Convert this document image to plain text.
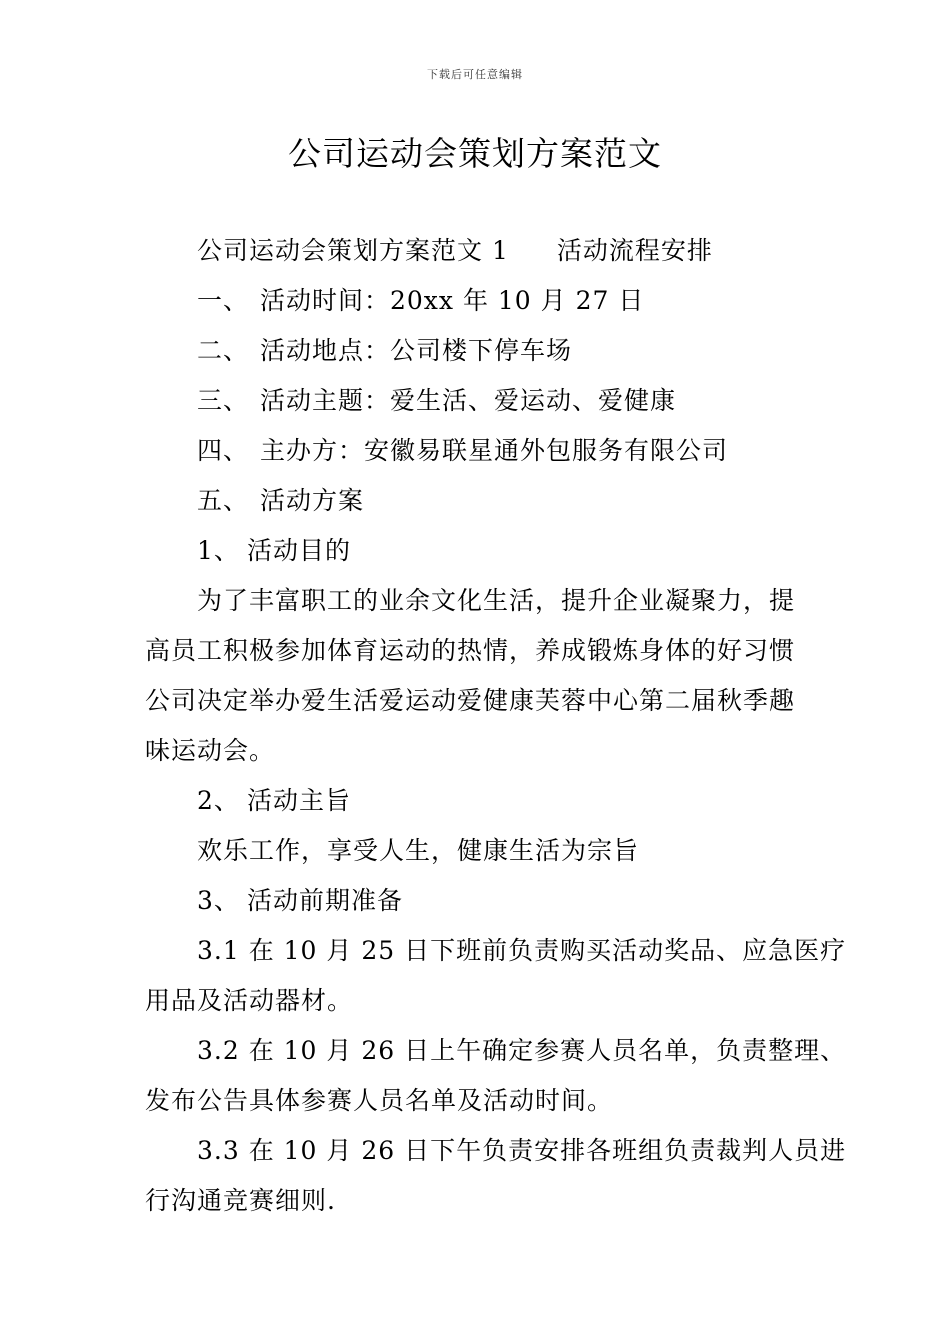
下载后可任意编辑
公司运动会策划方案范文
公司运动会策划方案范文 1 活动流程安排
一、 活动时间：20xx 年 10 月 27 日
二、 活动地点：公司楼下停车场
三、 活动主题：爱生活、爱运动、爱健康
四、 主办方：安徽易联星通外包服务有限公司
五、 活动方案
1、 活动目的
为了丰富职工的业余文化生活，提升企业凝聚力，提
高员工积极参加体育运动的热情，养成锻炼身体的好习惯
公司决定举办爱生活爱运动爱健康芙蓉中心第二届秋季趣
味运动会。
2、 活动主旨
欢乐工作，享受人生，健康生活为宗旨
3、 活动前期准备
3.1 在 10 月 25 日下班前负责购买活动奖品、应急医疗
用品及活动器材。
3.2 在 10 月 26 日上午确定参赛人员名单，负责整理、
发布公告具体参赛人员名单及活动时间。
3.3 在 10 月 26 日下午负责安排各班组负责裁判人员进
行沟通竞赛细则.
